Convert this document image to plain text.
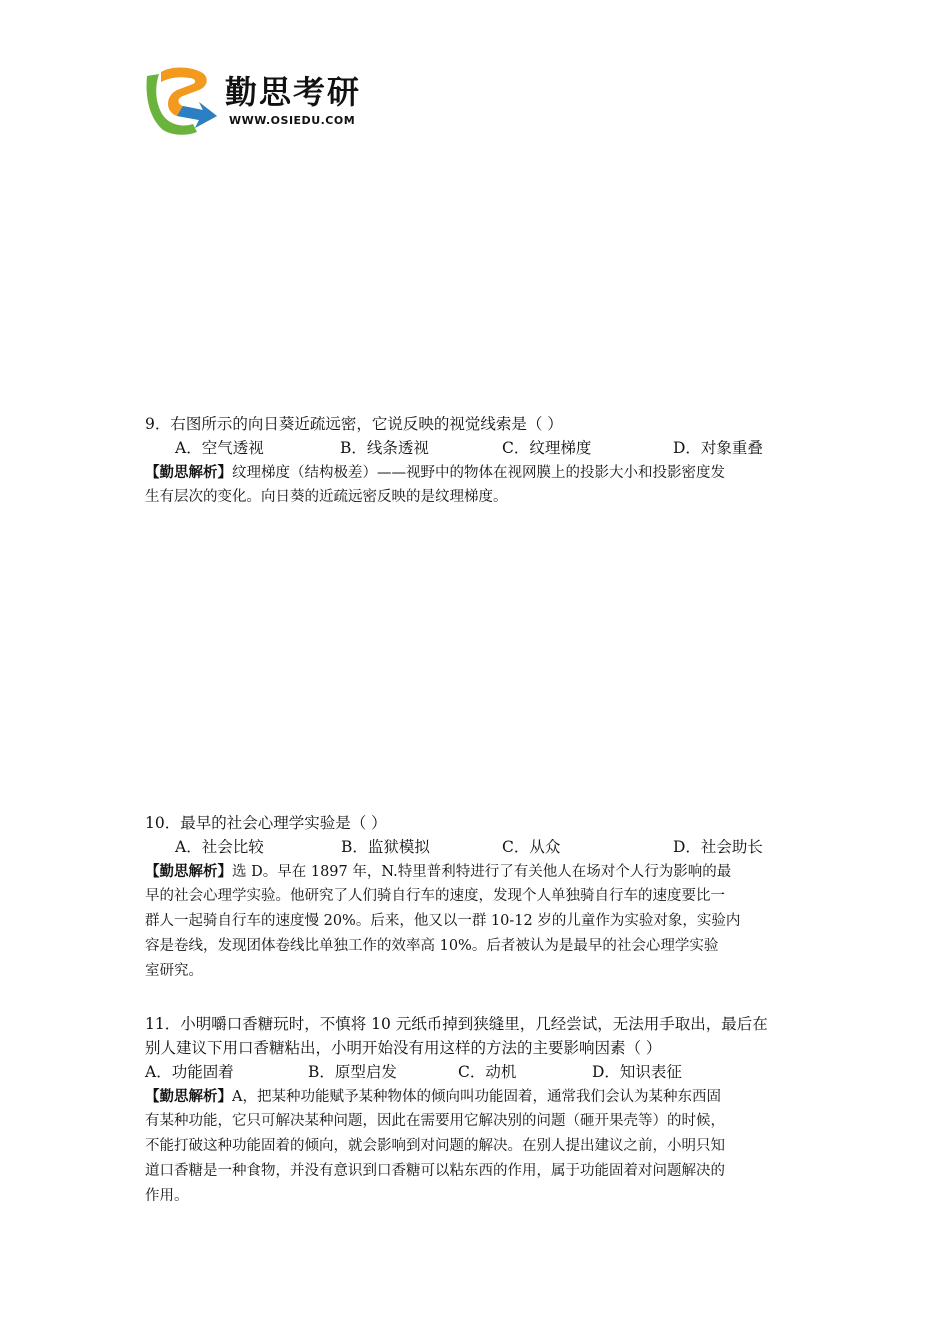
勤思考研
WWW.OSIEDU.COM
9．右图所示的向日葵近疏远密，它说反映的视觉线索是（ ）
A．空气透视	B．线条透视	C．纹理梯度	D．对象重叠
【勤思解析】纹理梯度（结构极差）——视野中的物体在视网膜上的投影大小和投影密度发
生有层次的变化。向日葵的近疏远密反映的是纹理梯度。
10．最早的社会心理学实验是（ ）
A．社会比较	B．监狱模拟	C．从众	D．社会助长
【勤思解析】选 D。早在 1897 年，N.特里普利特进行了有关他人在场对个人行为影响的最
早的社会心理学实验。他研究了人们骑自行车的速度，发现个人单独骑自行车的速度要比一
群人一起骑自行车的速度慢 20%。后来，他又以一群 10-12 岁的儿童作为实验对象，实验内
容是卷线，发现团体卷线比单独工作的效率高 10%。后者被认为是最早的社会心理学实验
室研究。
11．小明嚼口香糖玩时，不慎将 10 元纸币掉到狭缝里，几经尝试，无法用手取出，最后在
别人建议下用口香糖粘出，小明开始没有用这样的方法的主要影响因素（ ）
A．功能固着	B．原型启发	C．动机	D．知识表征
【勤思解析】A，把某种功能赋予某种物体的倾向叫功能固着，通常我们会认为某种东西固
有某种功能，它只可解决某种问题，因此在需要用它解决别的问题（砸开果壳等）的时候，
不能打破这种功能固着的倾向，就会影响到对问题的解决。在别人提出建议之前，小明只知
道口香糖是一种食物，并没有意识到口香糖可以粘东西的作用，属于功能固着对问题解决的
作用。
